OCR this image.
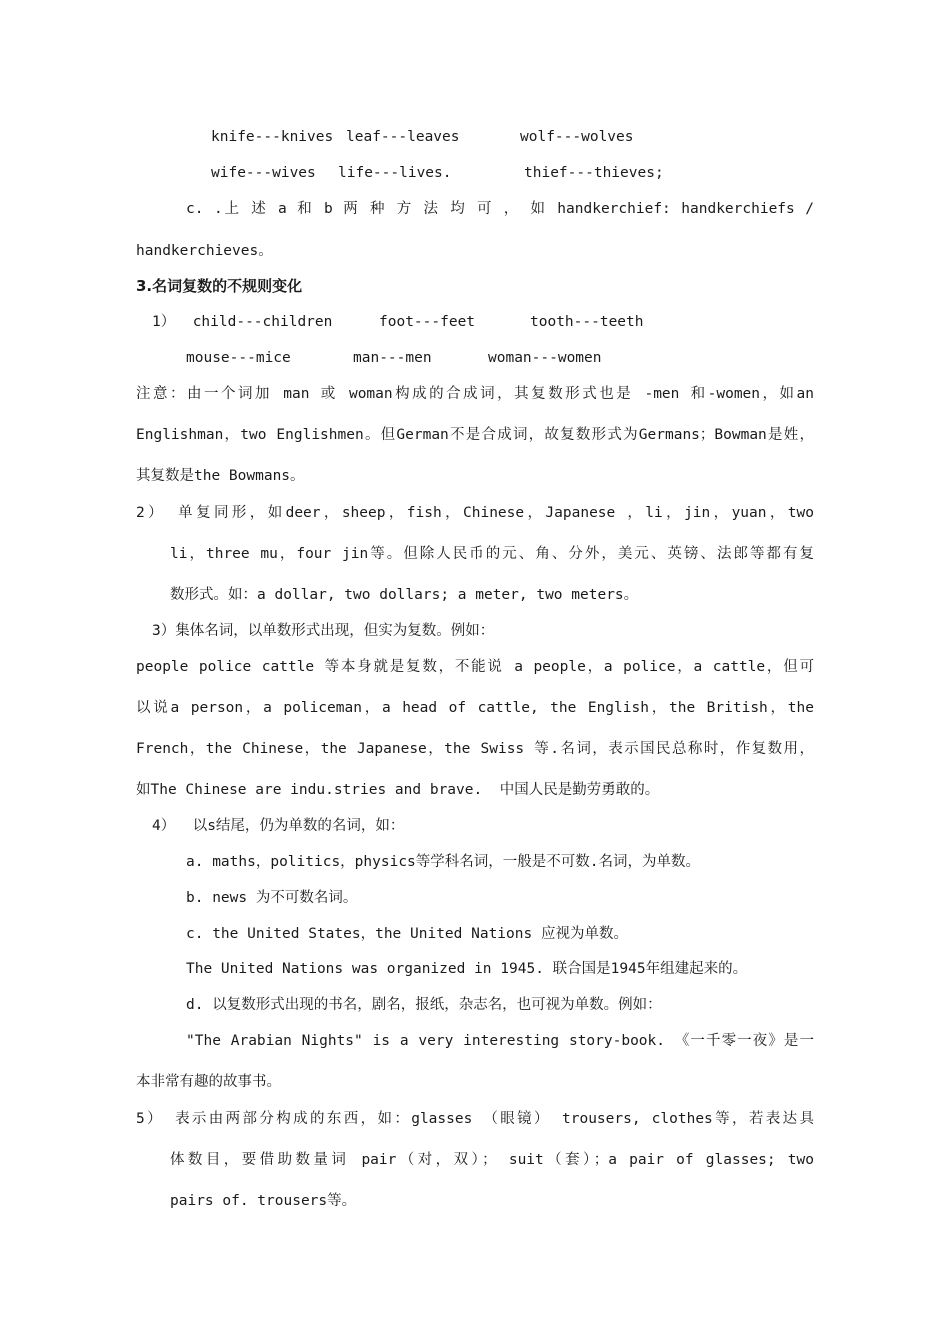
knife---knives leaf---leaves	wolf---wolves
wife---wives life---lives.	thief---thieves;
c. .上 述 a 和 b 两 种 方 法 均 可 ， 如 handkerchief: handkerchiefs /
handkerchieves。
3.名词复数的不规则变化
1）  child---children	foot---feet	tooth---teeth
mouse---mice	man---men	woman---women
注意：由一个词加 man 或 woman构成的合成词，其复数形式也是 -men 和-women，如an
Englishman，two Englishmen。但German不是合成词，故复数形式为Germans；Bowman是姓，
其复数是the Bowmans。
2） 单复同形，如deer，sheep，fish，Chinese，Japanese ，li，jin，yuan，two
li，three mu，four jin等。但除人民币的元、角、分外，美元、英镑、法郎等都有复
数形式。如：a dollar, two dollars; a meter, two meters。
3）集体名词，以单数形式出现，但实为复数。例如：
people police cattle 等本身就是复数，不能说 a people，a police，a cattle，但可
以说a person，a policeman，a head of cattle, the English，the British，the
French，the Chinese，the Japanese，the Swiss 等.名词，表示国民总称时，作复数用，
如The Chinese are indu.stries and brave.  中国人民是勤劳勇敢的。
4）  以s结尾，仍为单数的名词，如：
a. maths，politics，physics等学科名词，一般是不可数.名词，为单数。
b. news 为不可数名词。
c. the United States，the United Nations 应视为单数。
The United Nations was organized in 1945. 联合国是1945年组建起来的。
d. 以复数形式出现的书名，剧名，报纸，杂志名，也可视为单数。例如：
"The Arabian Nights" is a very interesting story-book. 《一千零一夜》是一
本非常有趣的故事书。
5） 表示由两部分构成的东西，如：glasses （眼镜） trousers, clothes等，若表达具
体数目，要借助数量词 pair（对，双）； suit（套）；a pair of glasses; two
pairs of. trousers等。
